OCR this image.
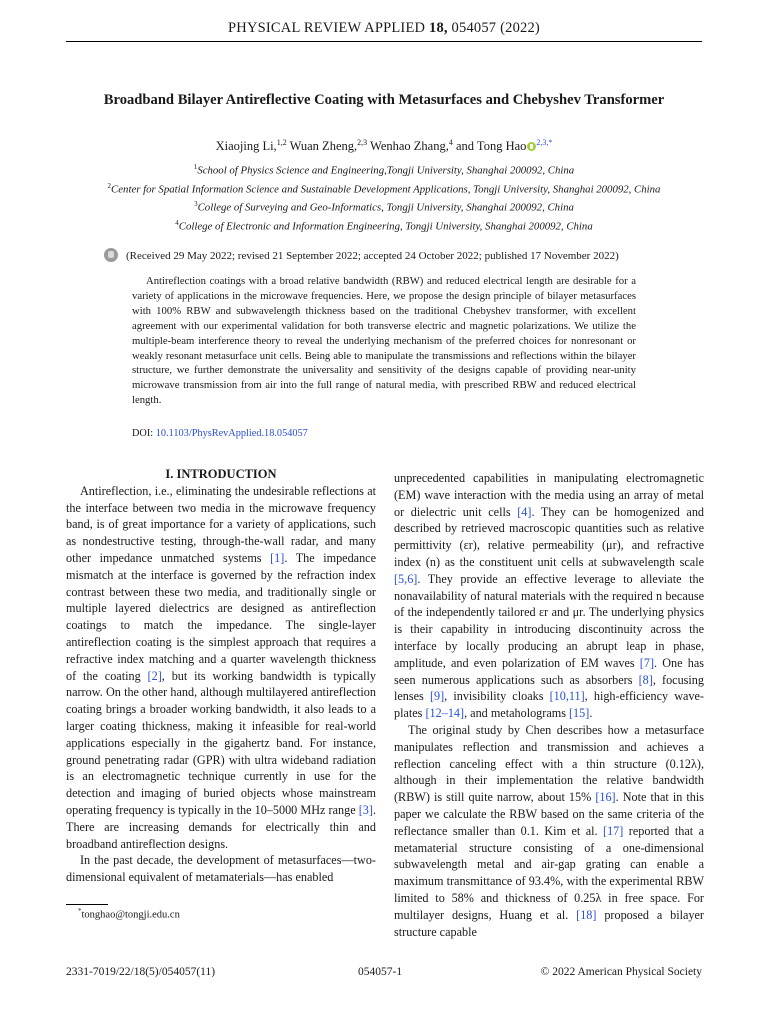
PHYSICAL REVIEW APPLIED 18, 054057 (2022)
Broadband Bilayer Antireflective Coating with Metasurfaces and Chebyshev Transformer
Xiaojing Li,$^{1,2}$ Wuan Zheng,$^{2,3}$ Wenhao Zhang,$^4$ and Tong Hao $^{2,3,*}$
$^1$School of Physics Science and Engineering,Tongji University, Shanghai 200092, China
$^2$Center for Spatial Information Science and Sustainable Development Applications, Tongji University, Shanghai 200092, China
$^3$College of Surveying and Geo-Informatics, Tongji University, Shanghai 200092, China
$^4$College of Electronic and Information Engineering, Tongji University, Shanghai 200092, China
(Received 29 May 2022; revised 21 September 2022; accepted 24 October 2022; published 17 November 2022)
Antireflection coatings with a broad relative bandwidth (RBW) and reduced electrical length are desirable for a variety of applications in the microwave frequencies. Here, we propose the design principle of bilayer metasurfaces with 100% RBW and subwavelength thickness based on the traditional Chebyshev transformer, with excellent agreement with our experimental validation for both transverse electric and magnetic polarizations. We utilize the multiple-beam interference theory to reveal the underlying mechanism of the preferred choices for nonresonant or weakly resonant metasurface unit cells. Being able to manipulate the transmissions and reflections within the bilayer structure, we further demonstrate the universality and sensitivity of the designs capable of providing near-unity microwave transmission from air into the full range of natural media, with prescribed RBW and reduced electrical length.
DOI: 10.1103/PhysRevApplied.18.054057

I. INTRODUCTION

Antireflection, i.e., eliminating the undesirable reflections at the interface between two media in the microwave frequency band, is of great importance for a variety of applications, such as nondestructive testing, through-the-wall radar, and many other impedance unmatched systems [1]. The impedance mismatch at the interface is governed by the refraction index contrast between these two media, and traditionally single or multiple layered dielectrics are designed as antireflection coatings to match the impedance. The single-layer antireflection coating is the simplest approach that requires a refractive index matching and a quarter wavelength thickness of the coating [2], but its working bandwidth is typically narrow. On the other hand, although multilayered antireflection coating brings a broader working bandwidth, it also leads to a larger coating thickness, making it infeasible for real-world applications especially in the gigahertz band. For instance, ground penetrating radar (GPR) with ultra wideband radiation is an electromagnetic technique currently in use for the detection and imaging of buried objects whose mainstream operating frequency is typically in the 10–5000 MHz range [3]. There are increasing demands for electrically thin and broadband antireflection designs.

In the past decade, the development of metasurfaces—two-dimensional equivalent of metamaterials—has enabled

unprecedented capabilities in manipulating electromagnetic (EM) wave interaction with the media using an array of metal or dielectric unit cells [4]. They can be homogenized and described by retrieved macroscopic quantities such as relative permittivity (εr), relative permeability (μr), and refractive index (n) as the constituent unit cells at subwavelength scale [5,6]. They provide an effective leverage to alleviate the nonavailability of natural materials with the required n because of the independently tailored εr and μr. The underlying physics is their capability in introducing discontinuity across the interface by locally producing an abrupt leap in phase, amplitude, and even polarization of EM waves [7]. One has seen numerous applications such as absorbers [8], focusing lenses [9], invisibility cloaks [10,11], high-efficiency wave-plates [12–14], and metaholograms [15].

The original study by Chen describes how a metasurface manipulates reflection and transmission and achieves a reflection canceling effect with a thin structure (0.12λ), although in their implementation the relative bandwidth (RBW) is still quite narrow, about 15% [16]. Note that in this paper we calculate the RBW based on the same criteria of the reflectance smaller than 0.1. Kim et al. [17] reported that a metamaterial structure consisting of a one-dimensional subwavelength metal and air-gap grating can enable a maximum transmittance of 93.4%, with the experimental RBW limited to 58% and thickness of 0.25λ in free space. For multilayer designs, Huang et al. [18] proposed a bilayer structure capable

*tonghao@tongji.edu.cn
2331-7019/22/18(5)/054057(11)	054057-1	© 2022 American Physical Society
